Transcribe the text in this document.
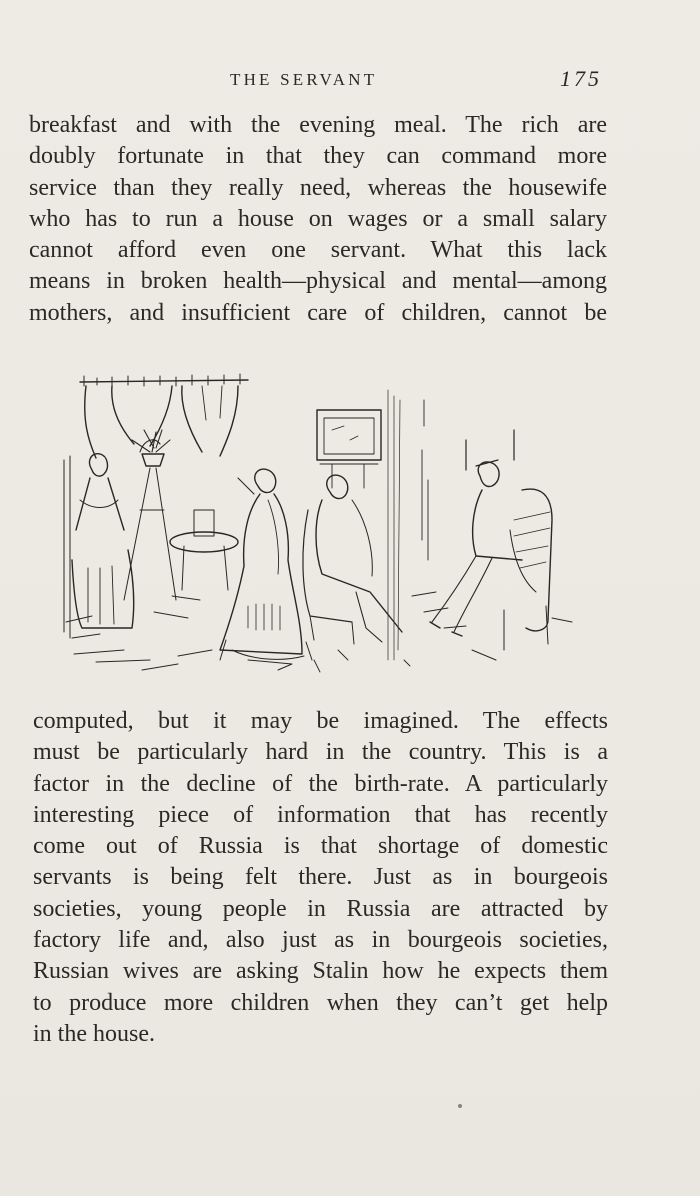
THE SERVANT	175
breakfast and with the evening meal. The rich are
doubly fortunate in that they can command more
service than they really need, whereas the housewife
who has to run a house on wages or a small salary
cannot afford even one servant. What this lack
means in broken health—physical and mental—among
mothers, and insufficient care of children, cannot be
computed, but it may be imagined. The effects
must be particularly hard in the country. This is a
factor in the decline of the birth-rate. A particularly
interesting piece of information that has recently
come out of Russia is that shortage of domestic
servants is being felt there. Just as in bourgeois
societies, young people in Russia are attracted by
factory life and, also just as in bourgeois societies,
Russian wives are asking Stalin how he expects them
to produce more children when they can’t get help
in the house.
